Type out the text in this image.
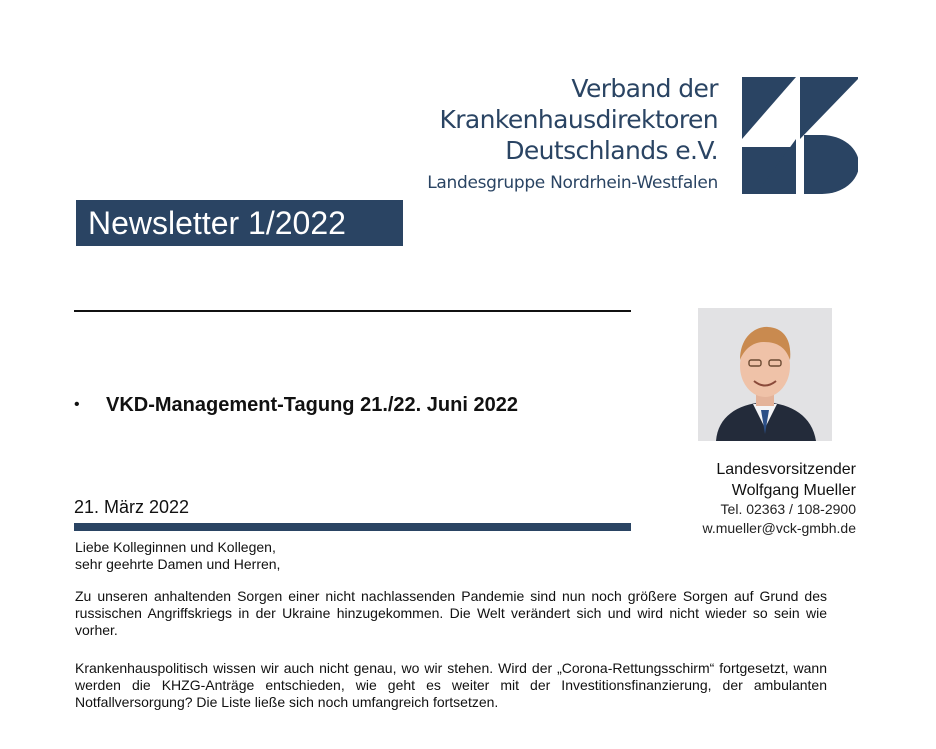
Verband der
Krankenhausdirektoren
Deutschlands e.V.
Landesgruppe Nordrhein-Westfalen
Newsletter 1/2022
• VKD-Management-Tagung 21./22. Juni 2022
Landesvorsitzender
Wolfgang Mueller
Tel. 02363 / 108-2900
w.mueller@vck-gmbh.de
21. März 2022
Liebe Kolleginnen und Kollegen,
sehr geehrte Damen und Herren,
Zu unseren anhaltenden Sorgen einer nicht nachlassenden Pandemie sind nun noch größere Sorgen auf Grund des russischen Angriffskriegs in der Ukraine hinzugekommen. Die Welt verändert sich und wird nicht wieder so sein wie vorher.
Krankenhauspolitisch wissen wir auch nicht genau, wo wir stehen. Wird der „Corona-Rettungsschirm“ fortgesetzt, wann werden die KHZG-Anträge entschieden, wie geht es weiter mit der Investitionsfinanzierung, der ambulanten Notfallversorgung? Die Liste ließe sich noch umfangreich fortsetzen.
